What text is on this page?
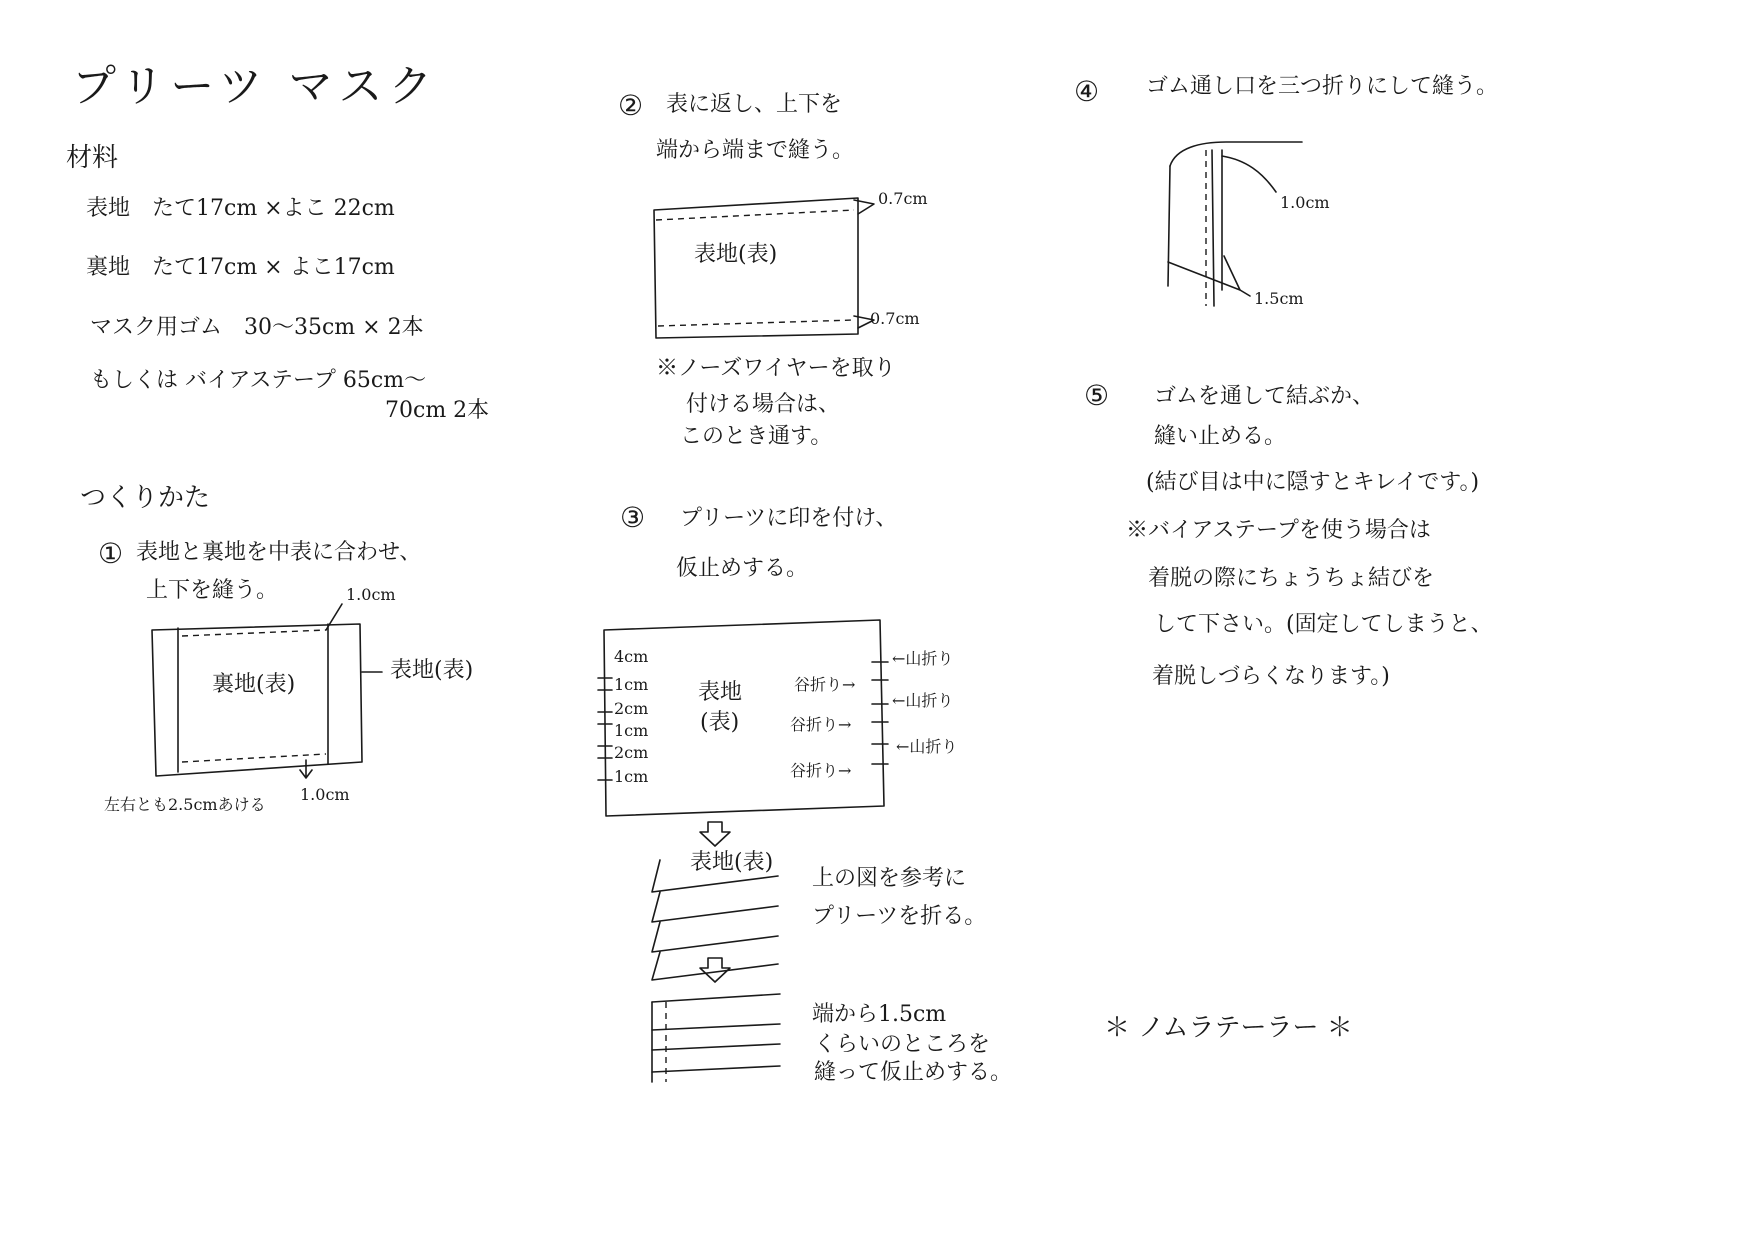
プリーツ マスク
材料
表地　たて17cm ×よこ 22cm
裏地　たて17cm × よこ17cm
マスク用ゴム　30〜35cm × 2本
もしくは バイアステープ 65cm〜
70cm 2本
つくりかた
① 表地と裏地を中表に合わせ、
上下を縫う。
裏地(表)
表地(表)
1.0cm
1.0cm
左右とも2.5cmあける
② 表に返し、上下を
端から端まで縫う。
表地(表)
0.7cm
0.7cm
※ノーズワイヤーを取り
付ける場合は、
このとき通す。
③ プリーツに印を付け、
仮止めする。
4cm
1cm
2cm
1cm
2cm
1cm
表地
(表)
谷折り→
谷折り→
谷折り→
←山折り
←山折り
←山折り
表地(表)
上の図を参考に
プリーツを折る。
端から1.5cm
くらいのところを
縫って仮止めする。
④ ゴム通し口を三つ折りにして縫う。
1.0cm
1.5cm
⑤ ゴムを通して結ぶか、
縫い止める。
(結び目は中に隠すとキレイです。)
※バイアステープを使う場合は
着脱の際にちょうちょ結びを
して下さい。(固定してしまうと、
着脱しづらくなります。)
＊ ノムラテーラー ＊
